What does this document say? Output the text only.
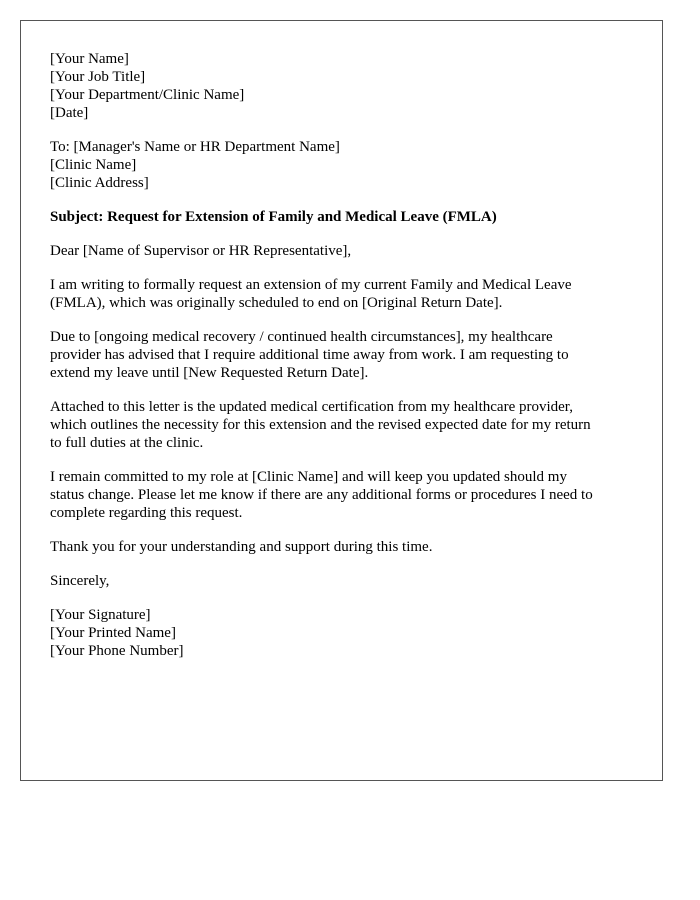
[Your Name]
[Your Job Title]
[Your Department/Clinic Name]
[Date]

To: [Manager's Name or HR Department Name]
[Clinic Name]
[Clinic Address]

Subject: Request for Extension of Family and Medical Leave (FMLA)

Dear [Name of Supervisor or HR Representative],

I am writing to formally request an extension of my current Family and Medical Leave
(FMLA), which was originally scheduled to end on [Original Return Date].

Due to [ongoing medical recovery / continued health circumstances], my healthcare
provider has advised that I require additional time away from work. I am requesting to
extend my leave until [New Requested Return Date].

Attached to this letter is the updated medical certification from my healthcare provider,
which outlines the necessity for this extension and the revised expected date for my return
to full duties at the clinic.

I remain committed to my role at [Clinic Name] and will keep you updated should my
status change. Please let me know if there are any additional forms or procedures I need to
complete regarding this request.

Thank you for your understanding and support during this time.

Sincerely,

[Your Signature]
[Your Printed Name]
[Your Phone Number]
